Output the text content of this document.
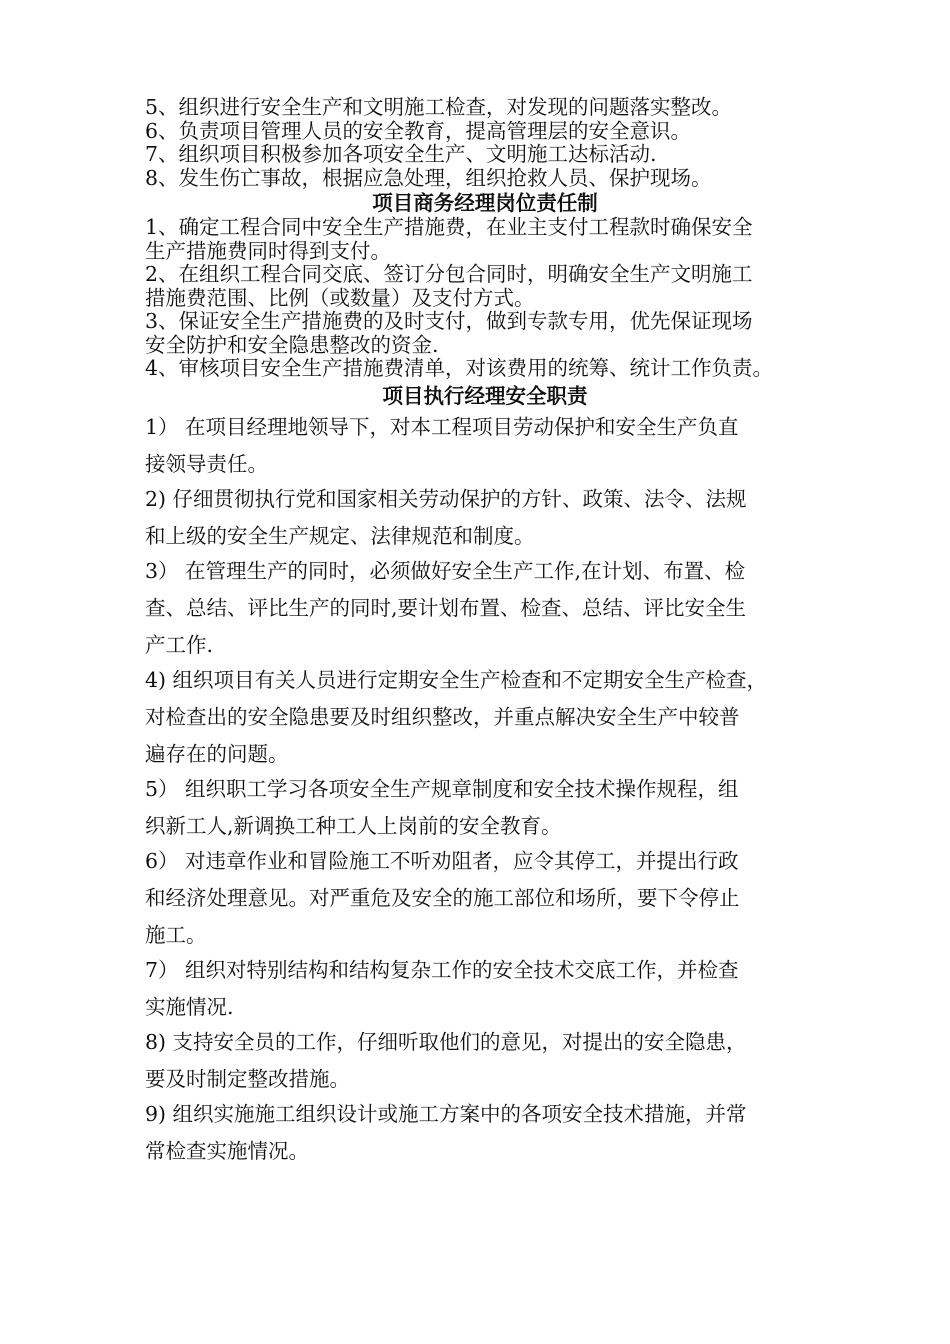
5、组织进行安全生产和文明施工检查，对发现的问题落实整改。

6、负责项目管理人员的安全教育，提高管理层的安全意识。

7、组织项目积极参加各项安全生产、文明施工达标活动.

8、发生伤亡事故，根据应急处理，组织抢救人员、保护现场。

项目商务经理岗位责任制

1、确定工程合同中安全生产措施费，在业主支付工程款时确保安全

生产措施费同时得到支付。

2、在组织工程合同交底、签订分包合同时，明确安全生产文明施工

措施费范围、比例（或数量）及支付方式。

3、保证安全生产措施费的及时支付，做到专款专用，优先保证现场

安全防护和安全隐患整改的资金.

4、审核项目安全生产措施费清单，对该费用的统筹、统计工作负责。

项目执行经理安全职责
1） 在项目经理地领导下，对本工程项目劳动保护和安全生产负直
接领导责任。
2) 仔细贯彻执行党和国家相关劳动保护的方针、政策、法令、法规
和上级的安全生产规定、法律规范和制度。
3） 在管理生产的同时，必须做好安全生产工作,在计划、布置、检
查、总结、评比生产的同时,要计划布置、检查、总结、评比安全生
产工作.
4) 组织项目有关人员进行定期安全生产检查和不定期安全生产检查，
对检查出的安全隐患要及时组织整改，并重点解决安全生产中较普
遍存在的问题。
5） 组织职工学习各项安全生产规章制度和安全技术操作规程，组
织新工人,新调换工种工人上岗前的安全教育。
6） 对违章作业和冒险施工不听劝阻者，应令其停工，并提出行政
和经济处理意见。对严重危及安全的施工部位和场所，要下令停止
施工。
7） 组织对特别结构和结构复杂工作的安全技术交底工作，并检查
实施情况.
8) 支持安全员的工作，仔细听取他们的意见，对提出的安全隐患，
要及时制定整改措施。
9) 组织实施施工组织设计或施工方案中的各项安全技术措施，并常
常检查实施情况。
